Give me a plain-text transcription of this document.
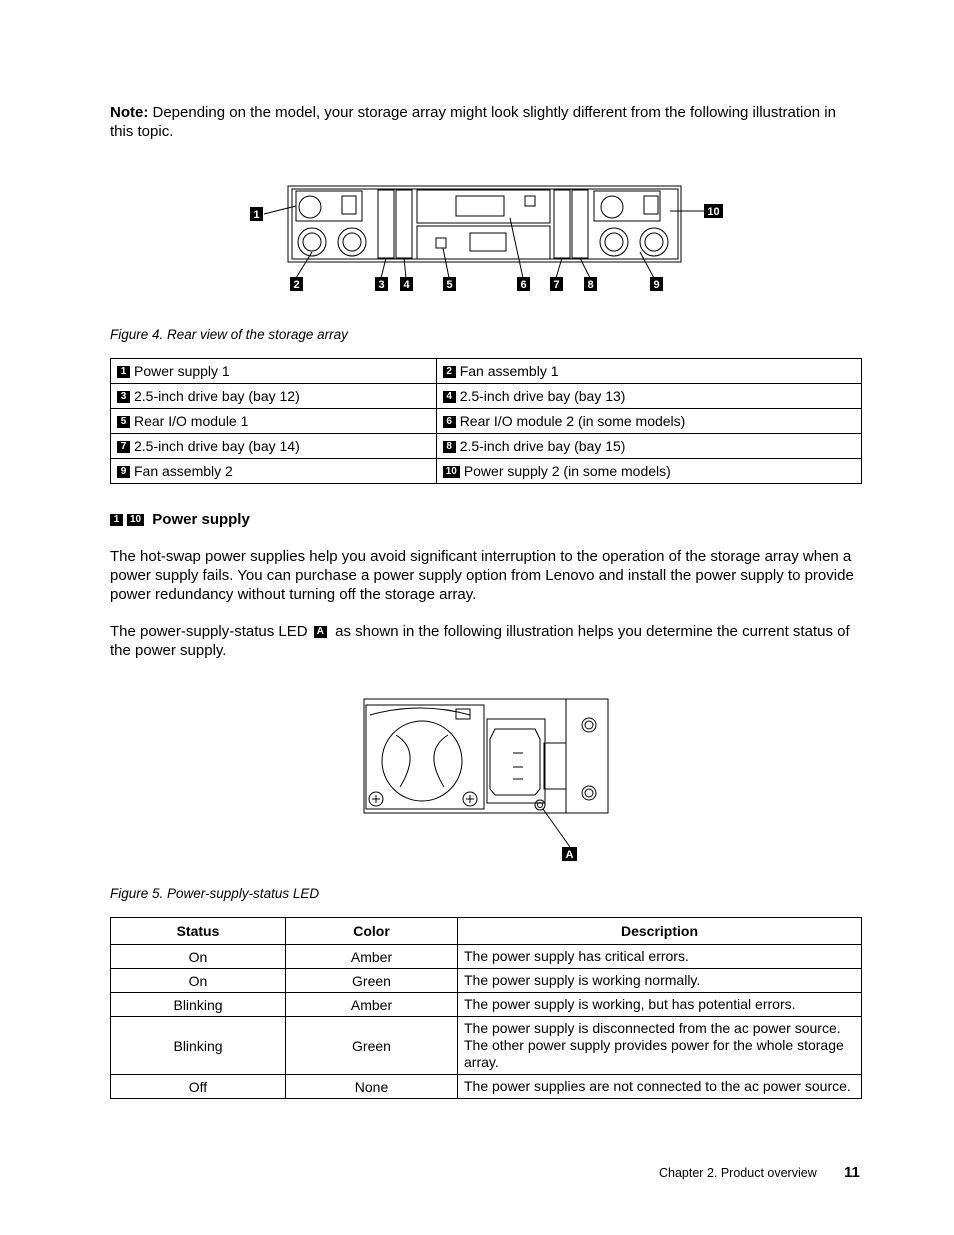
Note: Depending on the model, your storage array might look slightly different from the following illustration in this topic.
1
2	3 4	5	6 7	8	9
10
Figure 4. Rear view of the storage array
1 Power supply 1	2 Fan assembly 1
3 2.5-inch drive bay (bay 12)	4 2.5-inch drive bay (bay 13)
5 Rear I/O module 1	6 Rear I/O module 2 (in some models)
7 2.5-inch drive bay (bay 14)	8 2.5-inch drive bay (bay 15)
9 Fan assembly 2	10 Power supply 2 (in some models)
1 10 Power supply
The hot-swap power supplies help you avoid significant interruption to the operation of the storage array when a power supply fails. You can purchase a power supply option from Lenovo and install the power supply to provide power redundancy without turning off the storage array.
The power-supply-status LED A as shown in the following illustration helps you determine the current status of the power supply.
A
Figure 5. Power-supply-status LED
Status	Color	Description
On	Amber	The power supply has critical errors.
On	Green	The power supply is working normally.
Blinking	Amber	The power supply is working, but has potential errors.
Blinking	Green	The power supply is disconnected from the ac power source. The other power supply provides power for the whole storage array.
Off	None	The power supplies are not connected to the ac power source.
Chapter 2. Product overview 11
